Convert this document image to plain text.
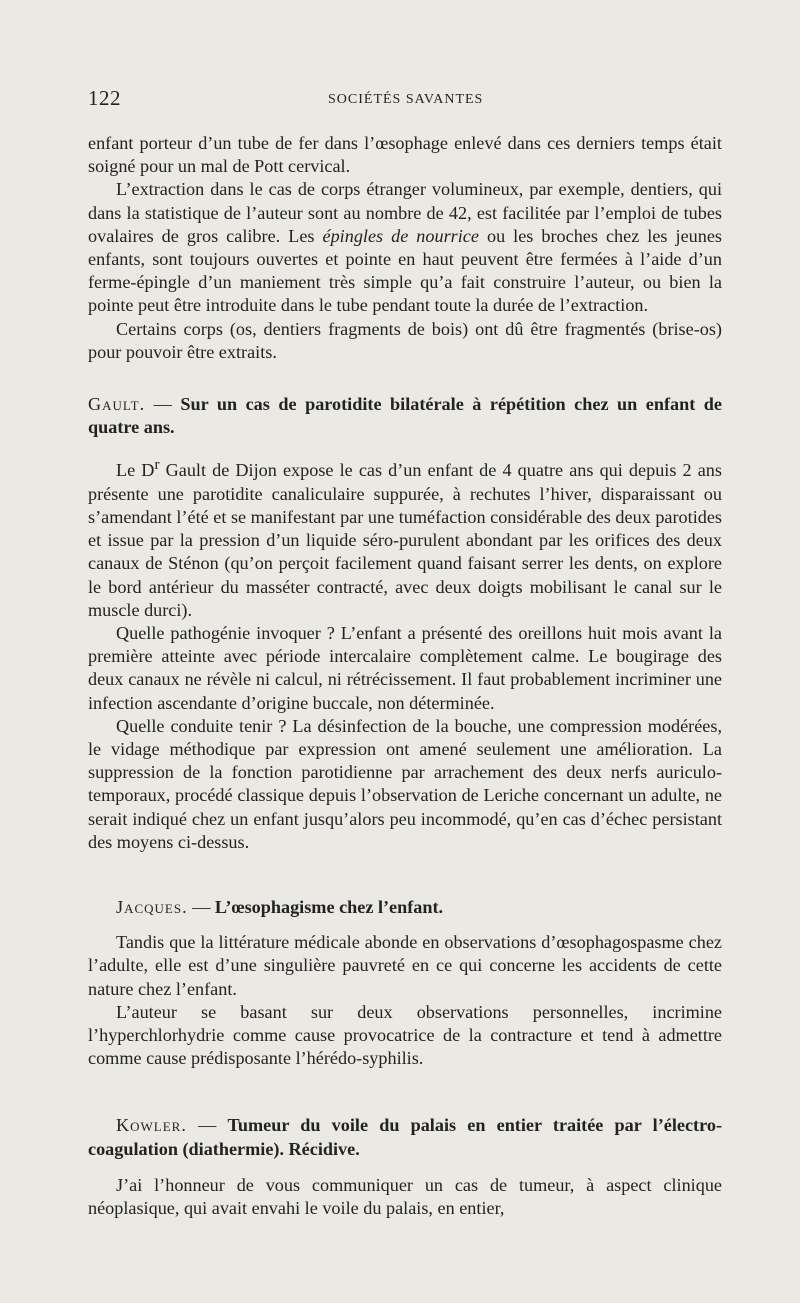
122	SOCIÉTÉS SAVANTES

enfant porteur d’un tube de fer dans l’œsophage enlevé dans ces derniers temps était soigné pour un mal de Pott cervical.

L’extraction dans le cas de corps étranger volumineux, par exemple, dentiers, qui dans la statistique de l’auteur sont au nombre de 42, est facilitée par l’emploi de tubes ovalaires de gros calibre. Les épingles de nourrice ou les broches chez les jeunes enfants, sont toujours ouvertes et pointe en haut peuvent être fermées à l’aide d’un ferme-épingle d’un maniement très simple qu’a fait construire l’auteur, ou bien la pointe peut être introduite dans le tube pendant toute la durée de l’extraction.

Certains corps (os, dentiers fragments de bois) ont dû être fragmentés (brise-os) pour pouvoir être extraits.

Gault. — Sur un cas de parotidite bilatérale à répétition chez un enfant de quatre ans.

Le $D^r$ Gault de Dijon expose le cas d’un enfant de 4 quatre ans qui depuis 2 ans présente une parotidite canaliculaire suppurée, à rechutes l’hiver, disparaissant ou s’amendant l’été et se manifestant par une tuméfaction considérable des deux parotides et issue par la pression d’un liquide séro-purulent abondant par les orifices des deux canaux de Sténon (qu’on perçoit facilement quand faisant serrer les dents, on explore le bord antérieur du masséter contracté, avec deux doigts mobilisant le canal sur le muscle durci).

Quelle pathogénie invoquer ? L’enfant a présenté des oreillons huit mois avant la première atteinte avec période intercalaire complètement calme. Le bougirage des deux canaux ne révèle ni calcul, ni rétrécissement. Il faut probablement incriminer une infection ascendante d’origine buccale, non déterminée.

Quelle conduite tenir ? La désinfection de la bouche, une compression modérées, le vidage méthodique par expression ont amené seulement une amélioration. La suppression de la fonction parotidienne par arrachement des deux nerfs auriculo-temporaux, procédé classique depuis l’observation de Leriche concernant un adulte, ne serait indiqué chez un enfant jusqu’alors peu incommodé, qu’en cas d’échec persistant des moyens ci-dessus.

Jacques. — L’œsophagisme chez l’enfant.

Tandis que la littérature médicale abonde en observations d’œsophagospasme chez l’adulte, elle est d’une singulière pauvreté en ce qui concerne les accidents de cette nature chez l’enfant.

L’auteur se basant sur deux observations personnelles, incrimine l’hyperchlorhydrie comme cause provocatrice de la contracture et tend à admettre comme cause prédisposante l’hérédo-syphilis.

Kowler. — Tumeur du voile du palais en entier traitée par l’électro-coagulation (diathermie). Récidive.

J’ai l’honneur de vous communiquer un cas de tumeur, à aspect clinique néoplasique, qui avait envahi le voile du palais, en entier,
